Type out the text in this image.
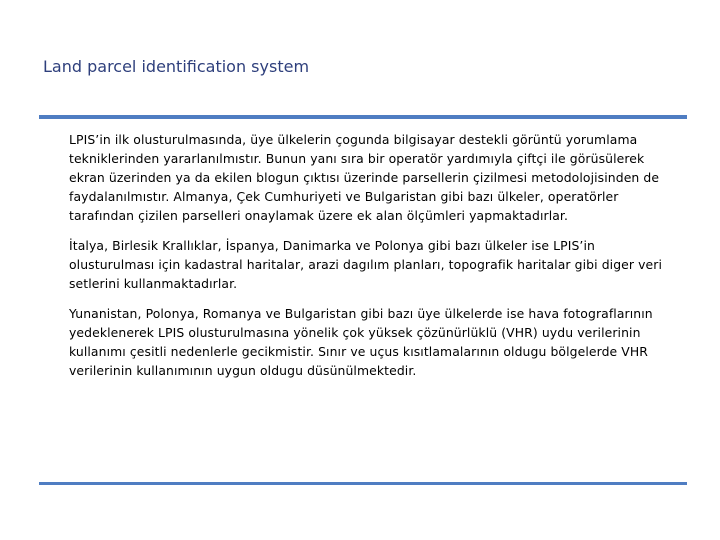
Land parcel identification system

LPIS’in ilk olusturulmasında, üye ülkelerin çogunda bilgisayar destekli görüntü yorumlama tekniklerinden yararlanılmıstır. Bunun yanı sıra bir operatör yardımıyla çiftçi ile görüsülerek ekran üzerinden ya da ekilen blogun çıktısı üzerinde parsellerin çizilmesi metodolojisinden de faydalanılmıstır. Almanya, Çek Cumhuriyeti ve Bulgaristan gibi bazı ülkeler, operatörler tarafından çizilen parselleri onaylamak üzere ek alan ölçümleri yapmaktadırlar.

İtalya, Birlesik Krallıklar, İspanya, Danimarka ve Polonya gibi bazı ülkeler ise LPIS’in olusturulması için kadastral haritalar, arazi dagılım planları, topografik haritalar gibi diger veri setlerini kullanmaktadırlar.

Yunanistan, Polonya, Romanya ve Bulgaristan gibi bazı üye ülkelerde ise hava fotograflarının yedeklenerek LPIS olusturulmasına yönelik çok yüksek çözünürlüklü (VHR) uydu verilerinin kullanımı çesitli nedenlerle gecikmistir. Sınır ve uçus kısıtlamalarının oldugu bölgelerde VHR verilerinin kullanımının uygun oldugu düsünülmektedir.
